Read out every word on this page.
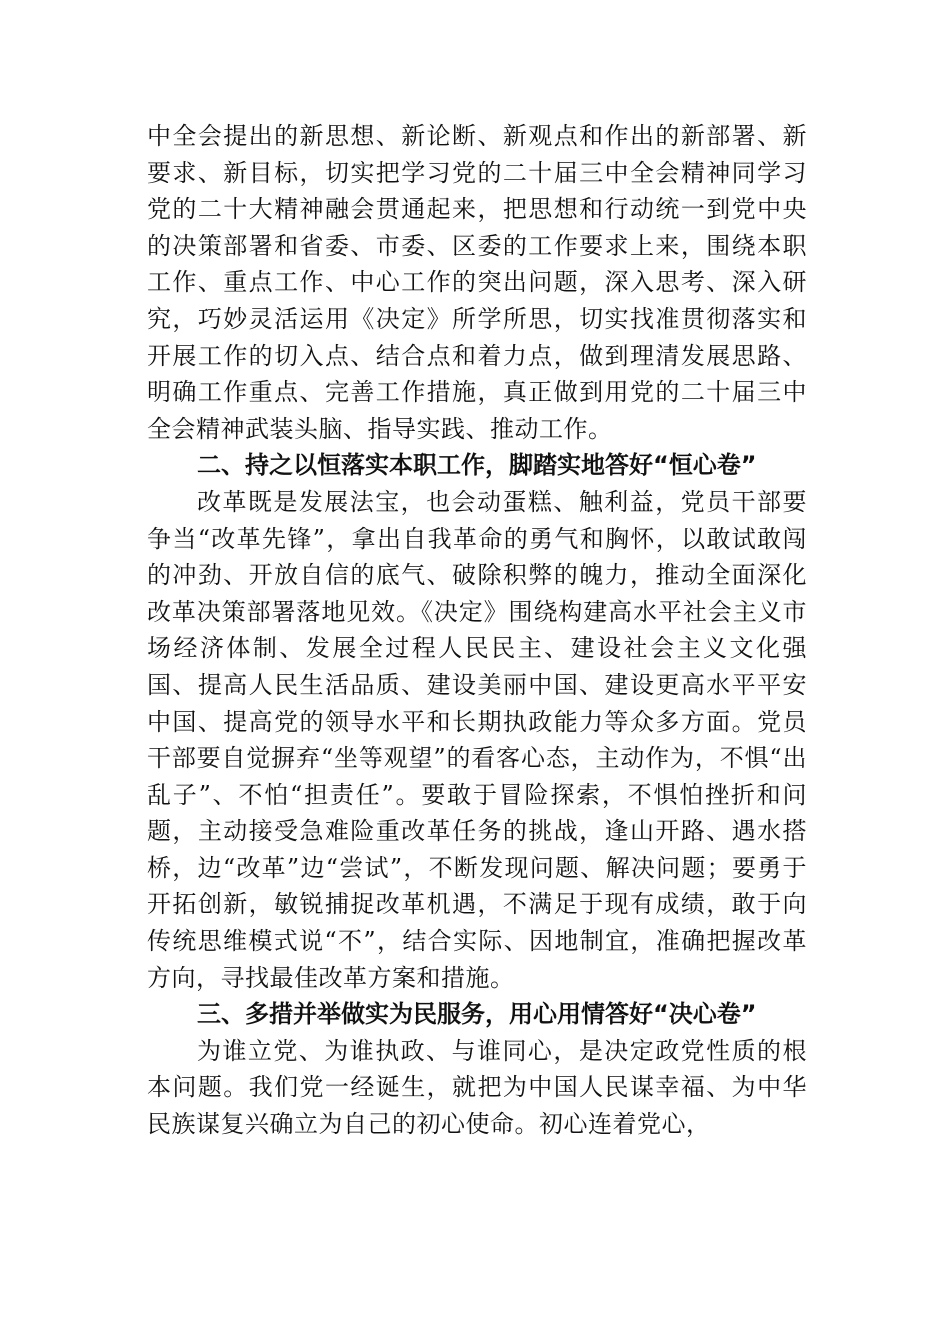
中全会提出的新思想、新论断、新观点和作出的新部署、新要求、新目标，切实把学习党的二十届三中全会精神同学习党的二十大精神融会贯通起来，把思想和行动统一到党中央的决策部署和省委、市委、区委的工作要求上来，围绕本职工作、重点工作、中心工作的突出问题，深入思考、深入研究，巧妙灵活运用《决定》所学所思，切实找准贯彻落实和开展工作的切入点、结合点和着力点，做到理清发展思路、明确工作重点、完善工作措施，真正做到用党的二十届三中全会精神武装头脑、指导实践、推动工作。

二、持之以恒落实本职工作，脚踏实地答好“恒心卷”

改革既是发展法宝，也会动蛋糕、触利益，党员干部要争当“改革先锋”，拿出自我革命的勇气和胸怀，以敢试敢闯的冲劲、开放自信的底气、破除积弊的魄力，推动全面深化改革决策部署落地见效。《决定》围绕构建高水平社会主义市场经济体制、发展全过程人民民主、建设社会主义文化强国、提高人民生活品质、建设美丽中国、建设更高水平平安中国、提高党的领导水平和长期执政能力等众多方面。党员干部要自觉摒弃“坐等观望”的看客心态，主动作为，不惧“出乱子”、不怕“担责任”。要敢于冒险探索，不惧怕挫折和问题，主动接受急难险重改革任务的挑战，逢山开路、遇水搭桥，边“改革”边“尝试”，不断发现问题、解决问题；要勇于开拓创新，敏锐捕捉改革机遇，不满足于现有成绩，敢于向传统思维模式说“不”，结合实际、因地制宜，准确把握改革方向，寻找最佳改革方案和措施。

三、多措并举做实为民服务，用心用情答好“决心卷”

为谁立党、为谁执政、与谁同心，是决定政党性质的根本问题。我们党一经诞生，就把为中国人民谋幸福、为中华民族谋复兴确立为自己的初心使命。初心连着党心，
